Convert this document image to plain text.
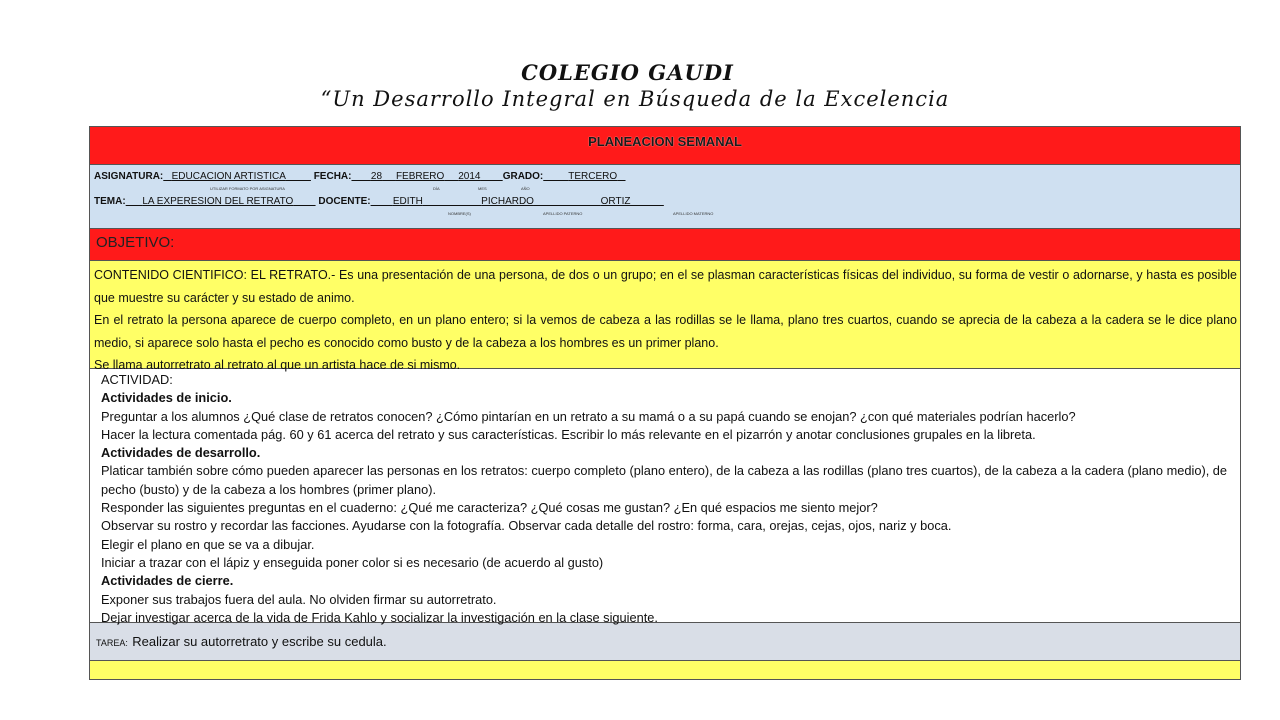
COLEGIO GAUDI
“Un Desarrollo Integral en Búsqueda de la Excelencia
PLANEACION SEMANAL
ASIGNATURA: EDUCACION ARTISTICA	FECHA: 28 FEBRERO 2014 GRADO:	TERCERO
UTILIZAR FORMATO POR ASIGNATURA	DÍA	MES	AÑO
TEMA: LA EXPERESION DEL RETRATO	DOCENTE: EDITH	PICHARDO	ORTIZ
NOMBRE(S)	APELLIDO PATERNO	APELLIDO MATERNO
OBJETIVO:

CONTENIDO CIENTIFICO: EL RETRATO.- Es una presentación de una persona, de dos o un grupo; en el se plasman características físicas del individuo, su forma de vestir o adornarse, y hasta es posible que muestre su carácter y su estado de animo.

En el retrato la persona aparece de cuerpo completo, en un plano entero; si la vemos de cabeza a las rodillas se le llama, plano tres cuartos, cuando se aprecia de la cabeza a la cadera se le dice plano medio, si aparece solo hasta el pecho es conocido como busto y de la cabeza a los hombres es un primer plano.

Se llama autorretrato al retrato al que un artista hace de si mismo.

ACTIVIDAD:

Actividades de inicio.

Preguntar a los alumnos ¿Qué clase de retratos conocen? ¿Cómo pintarían en un retrato a su mamá o a su papá cuando se enojan? ¿con qué materiales podrían hacerlo?

Hacer la lectura comentada pág. 60 y 61 acerca del retrato y sus características. Escribir lo más relevante en el pizarrón y anotar conclusiones grupales en la libreta.

Actividades de desarrollo.

Platicar también sobre cómo pueden aparecer las personas en los retratos: cuerpo completo (plano entero), de la cabeza a las rodillas (plano tres cuartos), de la cabeza a la cadera (plano medio), de pecho (busto) y de la cabeza a los hombres (primer plano).

Responder las siguientes preguntas en el cuaderno: ¿Qué me caracteriza? ¿Qué cosas me gustan? ¿En qué espacios me siento mejor?

Observar su rostro y recordar las facciones. Ayudarse con la fotografía. Observar cada detalle del rostro: forma, cara, orejas, cejas, ojos, nariz y boca.

Elegir el plano en que se va a dibujar.

Iniciar a trazar con el lápiz y enseguida poner color si es necesario (de acuerdo al gusto)

Actividades de cierre.

Exponer sus trabajos fuera del aula. No olviden firmar su autorretrato.

Dejar investigar acerca de la vida de Frida Kahlo y socializar la investigación en la clase siguiente.

TAREA: Realizar su autorretrato y escribe su cedula.
